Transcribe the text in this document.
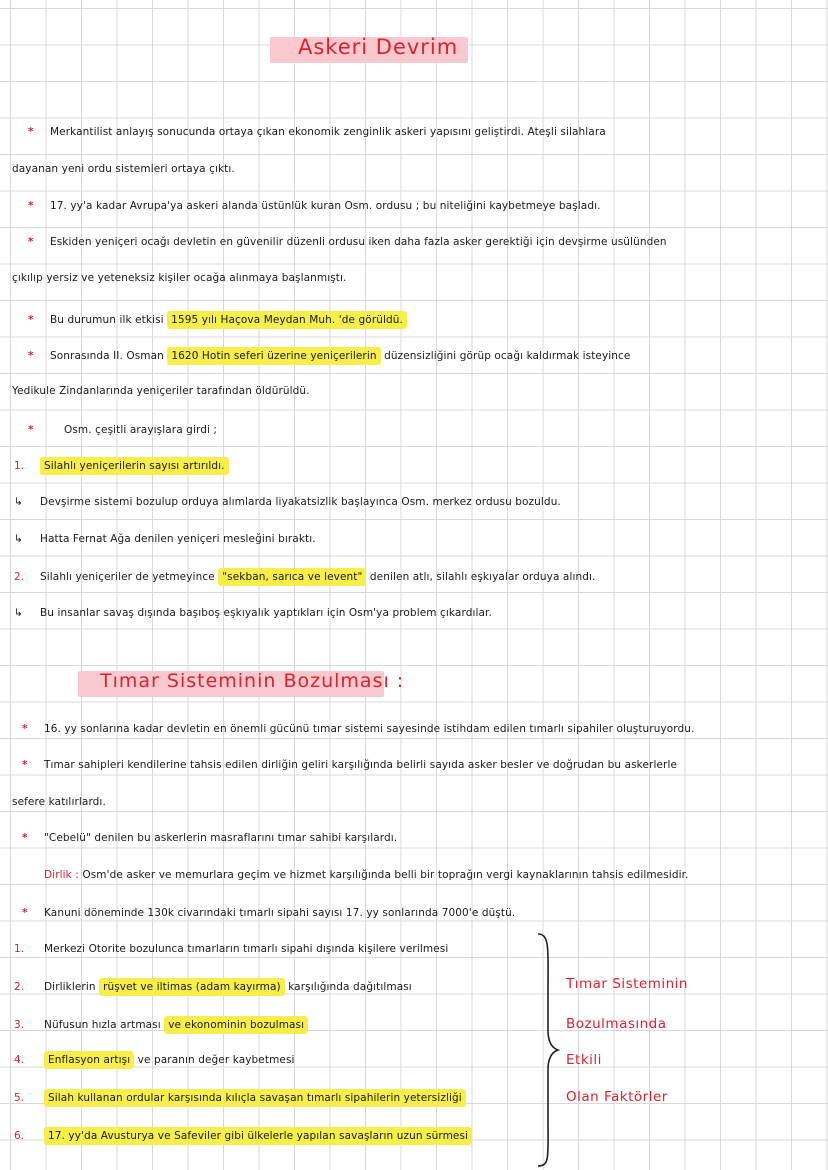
Askeri Devrim
* Merkantilist anlayış sonucunda ortaya çıkan ekonomik zenginlik askeri yapısını geliştirdi. Ateşli silahlara
dayanan yeni ordu sistemleri ortaya çıktı.
* 17. yy'a kadar Avrupa'ya askeri alanda üstünlük kuran Osm. ordusu ; bu niteliğini kaybetmeye başladı.
* Eskiden yeniçeri ocağı devletin en güvenilir düzenli ordusu iken daha fazla asker gerektiği için devşirme usülünden
çıkılıp yersiz ve yeteneksiz kişiler ocağa alınmaya başlanmıştı.
* Bu durumun ilk etkisi 1595 yılı Haçova Meydan Muh. 'de görüldü.
* Sonrasında II. Osman 1620 Hotin seferi üzerine yeniçerilerin düzensizliğini görüp ocağı kaldırmak isteyince
Yedikule Zindanlarında yeniçeriler tarafından öldürüldü.
*	Osm. çeşitli arayışlara girdi ;
1. Silahlı yeniçerilerin sayısı artırıldı.
↳ Devşirme sistemi bozulup orduya alımlarda liyakatsizlik başlayınca Osm. merkez ordusu bozuldu.
↳ Hatta Fernat Ağa denilen yeniçeri mesleğini bıraktı.
2. Silahlı yeniçeriler de yetmeyince "sekban, sarıca ve levent" denilen atlı, silahlı eşkıyalar orduya alındı.
↳ Bu insanlar savaş dışında başıboş eşkıyalık yaptıkları için Osm'ya problem çıkardılar.
Tımar Sisteminin Bozulması :
* 16. yy sonlarına kadar devletin en önemli gücünü tımar sistemi sayesinde istihdam edilen tımarlı sipahiler oluşturuyordu.
* Tımar sahipleri kendilerine tahsis edilen dirliğin geliri karşılığında belirli sayıda asker besler ve doğrudan bu askerlerle
sefere katılırlardı.
* "Cebelü" denilen bu askerlerin masraflarını tımar sahibi karşılardı.
Dirlik : Osm'de asker ve memurlara geçim ve hizmet karşılığında belli bir toprağın vergi kaynaklarının tahsis edilmesidir.
* Kanuni döneminde 130k civarındaki tımarlı sipahi sayısı 17. yy sonlarında 7000'e düştü.
1. Merkezi Otorite bozulunca tımarların tımarlı sipahi dışında kişilere verilmesi
2. Dirliklerin rüşvet ve iltimas (adam kayırma) karşılığında dağıtılması
3. Nüfusun hızla artması ve ekonominin bozulması
4. Enflasyon artışı ve paranın değer kaybetmesi
5. Silah kullanan ordular karşısında kılıçla savaşan tımarlı sipahilerin yetersizliği
6. 17. yy'da Avusturya ve Safeviler gibi ülkelerle yapılan savaşların uzun sürmesi
Tımar Sisteminin
Bozulmasında
Etkili
Olan Faktörler
